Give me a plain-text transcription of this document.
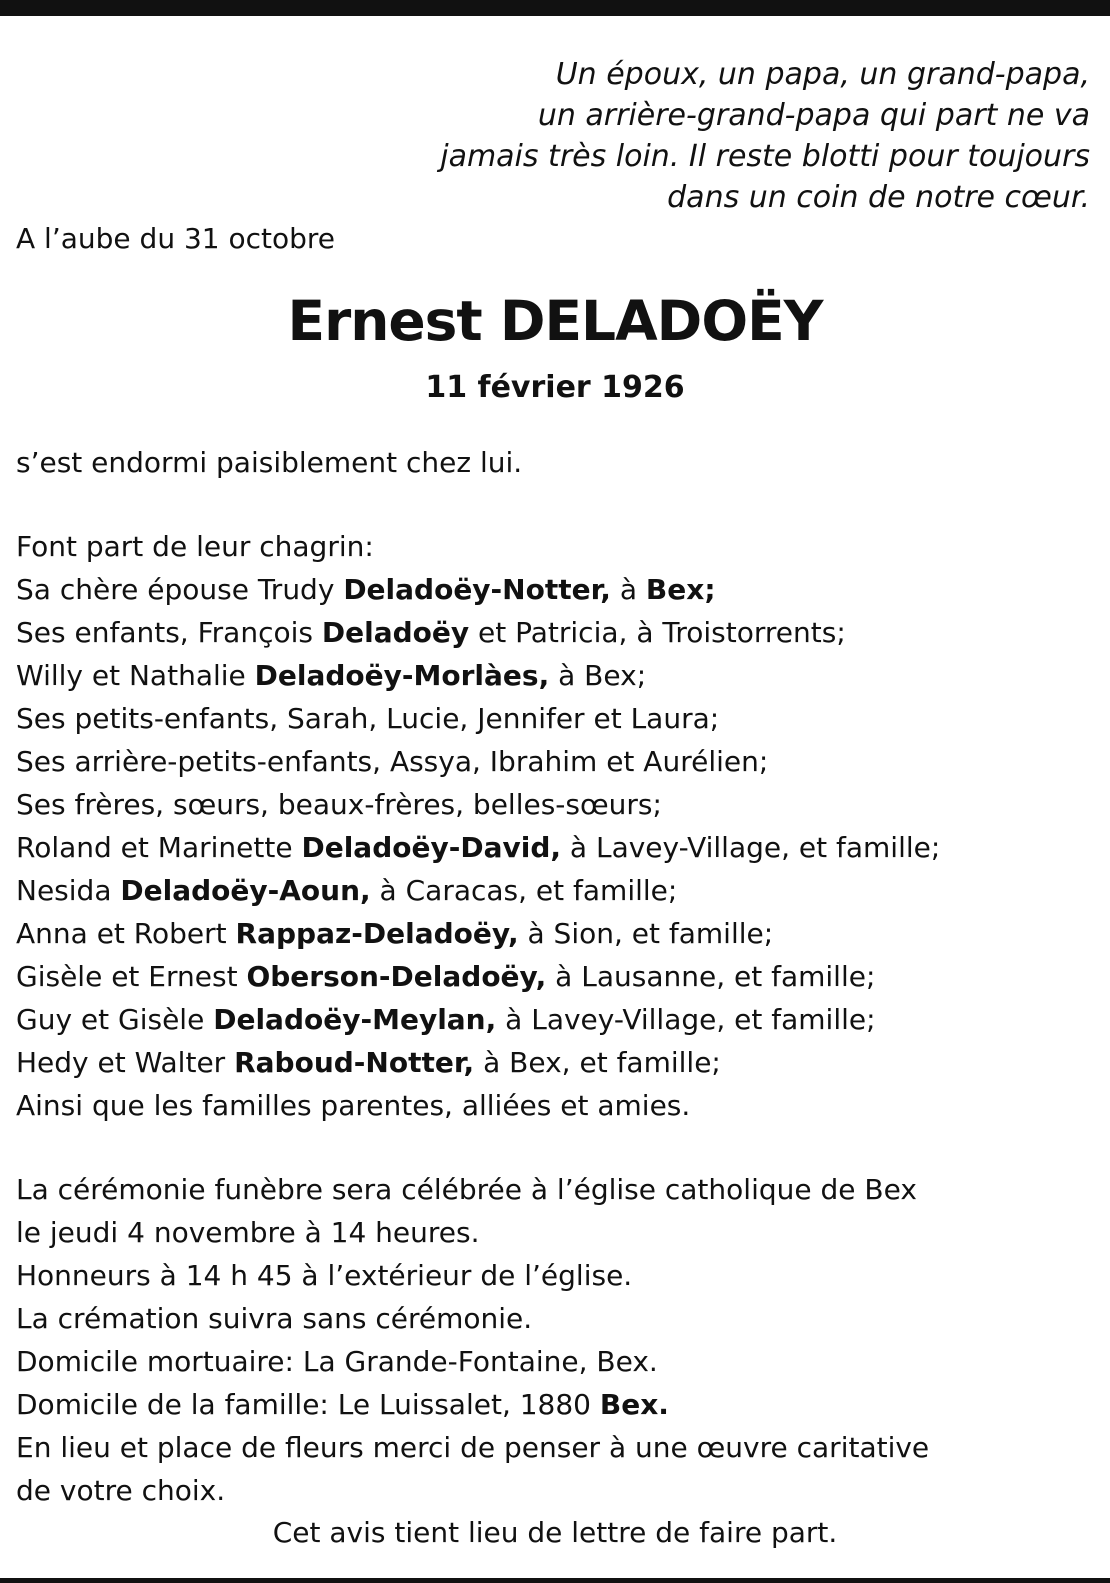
Un époux, un papa, un grand-papa,
un arrière-grand-papa qui part ne va
jamais très loin. Il reste blotti pour toujours
dans un coin de notre cœur.

A l’aube du 31 octobre

Ernest DELADOËY

11 février 1926

s’est endormi paisiblement chez lui.

Font part de leur chagrin:

Sa chère épouse Trudy Deladoëy-Notter, à Bex;

Ses enfants, François Deladoëy et Patricia, à Troistorrents;

Willy et Nathalie Deladoëy-Morlàes, à Bex;

Ses petits-enfants, Sarah, Lucie, Jennifer et Laura;

Ses arrière-petits-enfants, Assya, Ibrahim et Aurélien;

Ses frères, sœurs, beaux-frères, belles-sœurs;

Roland et Marinette Deladoëy-David, à Lavey-Village, et famille;

Nesida Deladoëy-Aoun, à Caracas, et famille;

Anna et Robert Rappaz-Deladoëy, à Sion, et famille;

Gisèle et Ernest Oberson-Deladoëy, à Lausanne, et famille;

Guy et Gisèle Deladoëy-Meylan, à Lavey-Village, et famille;

Hedy et Walter Raboud-Notter, à Bex, et famille;

Ainsi que les familles parentes, alliées et amies.

La cérémonie funèbre sera célébrée à l’église catholique de Bex

le jeudi 4 novembre à 14 heures.

Honneurs à 14 h 45 à l’extérieur de l’église.

La crémation suivra sans cérémonie.

Domicile mortuaire: La Grande-Fontaine, Bex.

Domicile de la famille: Le Luissalet, 1880 Bex.

En lieu et place de fleurs merci de penser à une œuvre caritative

de votre choix.

Cet avis tient lieu de lettre de faire part.
